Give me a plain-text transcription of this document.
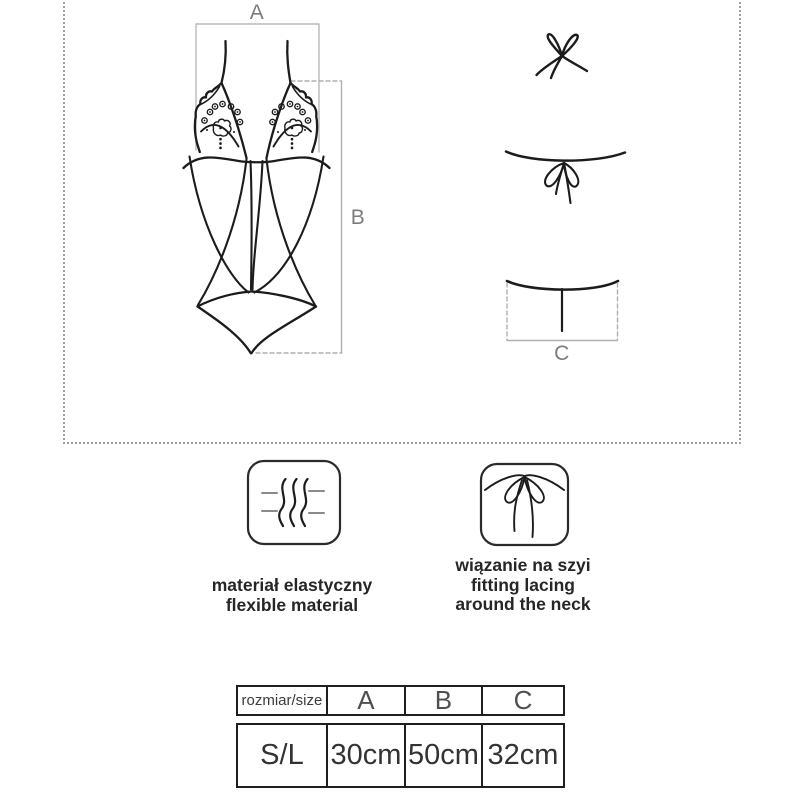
A
B
C
materiał elastyczny
flexible material
wiązanie na szyi
fitting lacing
around the neck
rozmiar/size	A	B	C
S/L 30cm 50cm 32cm
